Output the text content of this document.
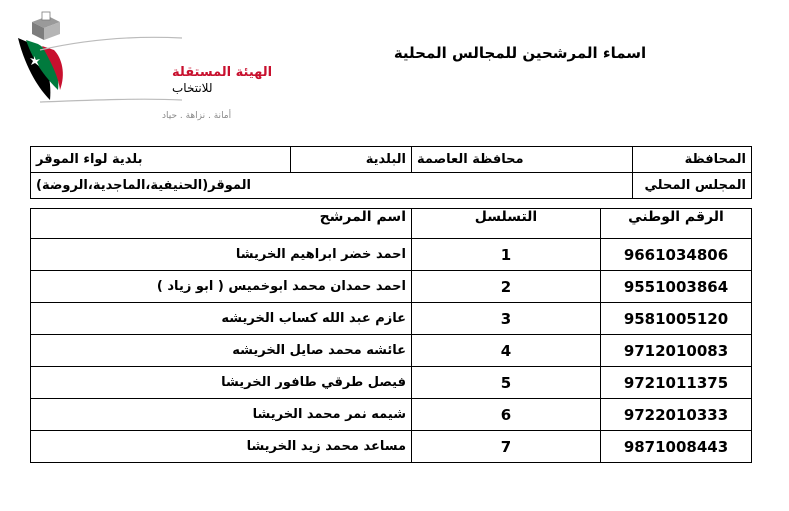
الهيئة المستقلة
للانتخاب
أمانة . نزاهة . حياد
اسماء المرشحين للمجالس المحلية
المحافظة	محافظة العاصمة	البلدية	بلدية لواء الموقر
المجلس المحلي	الموقر(الحنيفية،الماجدية،الروضة)		
الرقم الوطني	التسلسل	اسم المرشح
9661034806	1	احمد خضر ابراهيم الخريشا
9551003864	2	احمد حمدان محمد ابوخميس ( ابو زياد )
9581005120	3	عازم عبد الله كساب الخريشه
9712010083	4	عائشه محمد صايل الخريشه
9721011375	5	فيصل طرقي طافور الخريشا
9722010333	6	شيمه نمر محمد الخريشا
9871008443	7	مساعد محمد زيد الخريشا
